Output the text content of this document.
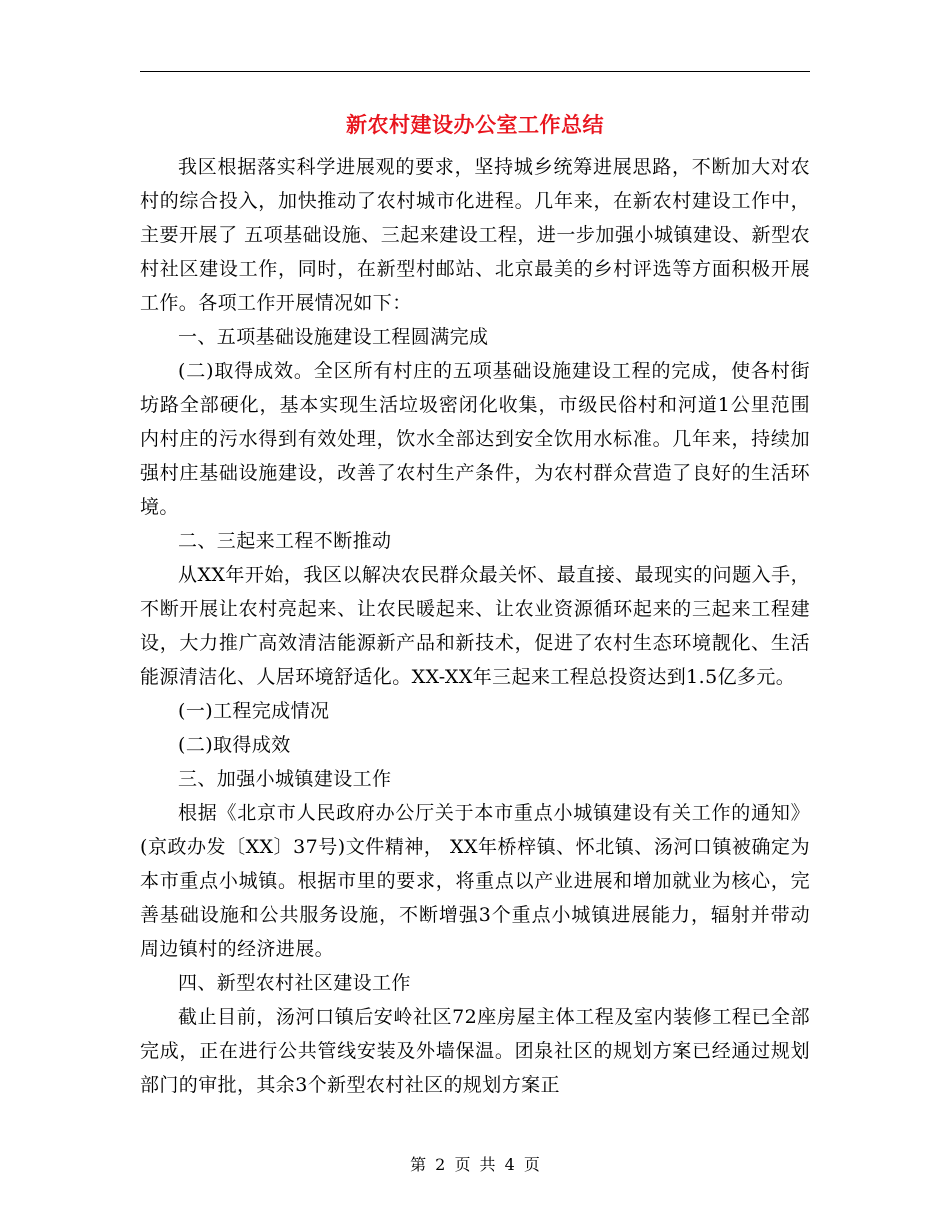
新农村建设办公室工作总结

我区根据落实科学进展观的要求，坚持城乡统筹进展思路，不断加大对农村的综合投入，加快推动了农村城市化进程。几年来，在新农村建设工作中，主要开展了 五项基础设施、三起来建设工程，进一步加强小城镇建设、新型农村社区建设工作，同时，在新型村邮站、北京最美的乡村评选等方面积极开展工作。各项工作开展情况如下：

一、五项基础设施建设工程圆满完成

(二)取得成效。全区所有村庄的五项基础设施建设工程的完成，使各村街坊路全部硬化，基本实现生活垃圾密闭化收集，市级民俗村和河道1公里范围内村庄的污水得到有效处理，饮水全部达到安全饮用水标准。几年来，持续加强村庄基础设施建设，改善了农村生产条件，为农村群众营造了良好的生活环境。

二、三起来工程不断推动

从XX年开始，我区以解决农民群众最关怀、最直接、最现实的问题入手，不断开展让农村亮起来、让农民暖起来、让农业资源循环起来的三起来工程建设，大力推广高效清洁能源新产品和新技术，促进了农村生态环境靓化、生活能源清洁化、人居环境舒适化。XX-XX年三起来工程总投资达到1.5亿多元。

(一)工程完成情况

(二)取得成效

三、加强小城镇建设工作

根据《北京市人民政府办公厅关于本市重点小城镇建设有关工作的通知》(京政办发〔XX〕37号)文件精神， XX年桥梓镇、怀北镇、汤河口镇被确定为本市重点小城镇。根据市里的要求，将重点以产业进展和增加就业为核心，完善基础设施和公共服务设施，不断增强3个重点小城镇进展能力，辐射并带动周边镇村的经济进展。

四、新型农村社区建设工作

截止目前，汤河口镇后安岭社区72座房屋主体工程及室内装修工程已全部完成，正在进行公共管线安装及外墙保温。团泉社区的规划方案已经通过规划部门的审批，其余3个新型农村社区的规划方案正

第 2 页 共 4 页
